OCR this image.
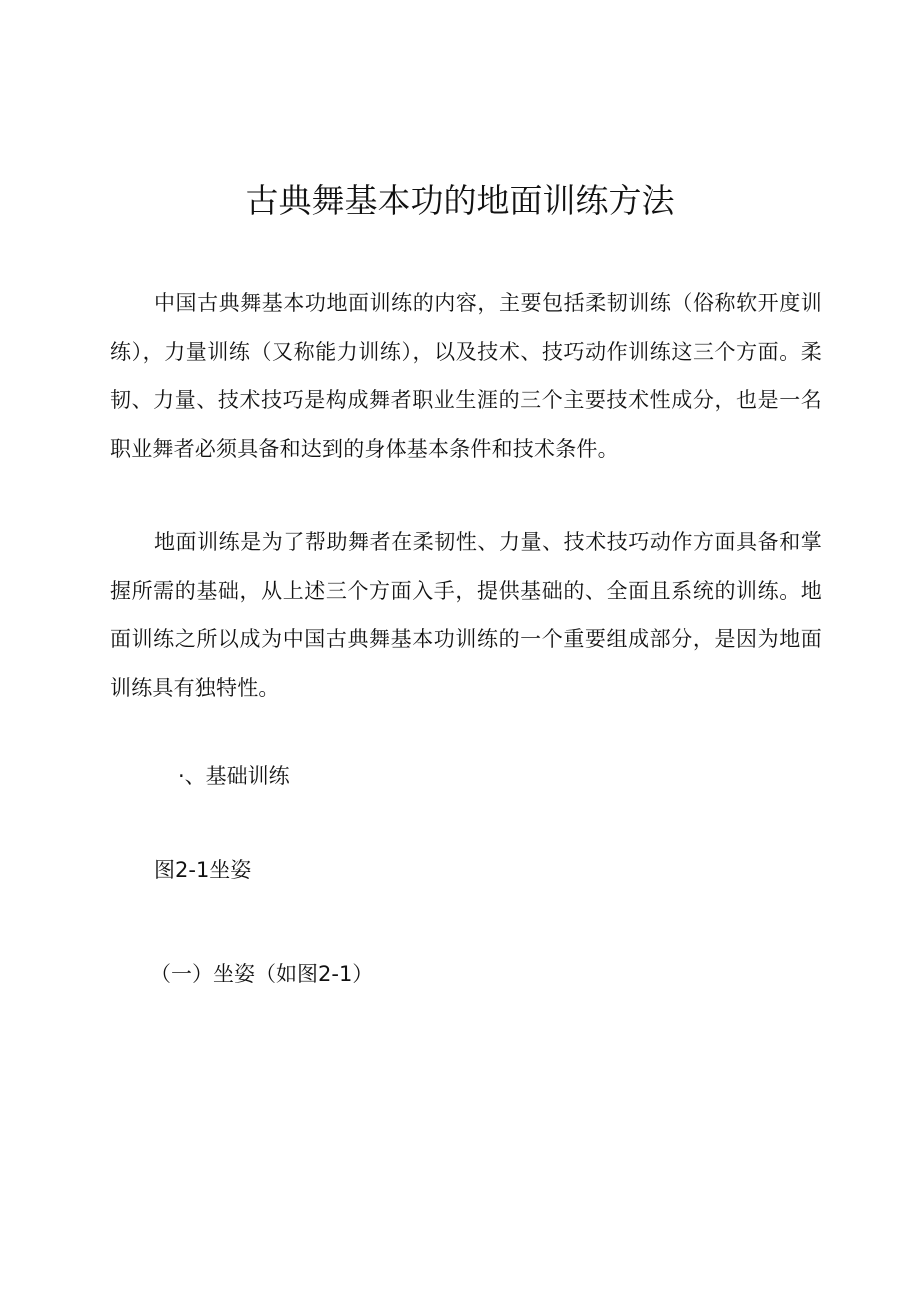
古典舞基本功的地面训练方法

中国古典舞基本功地面训练的内容，主要包括柔韧训练（俗称软开度训练），力量训练（又称能力训练），以及技术、技巧动作训练这三个方面。柔韧、力量、技术技巧是构成舞者职业生涯的三个主要技术性成分，也是一名职业舞者必须具备和达到的身体基本条件和技术条件。

地面训练是为了帮助舞者在柔韧性、力量、技术技巧动作方面具备和掌握所需的基础，从上述三个方面入手，提供基础的、全面且系统的训练。地面训练之所以成为中国古典舞基本功训练的一个重要组成部分，是因为地面训练具有独特性。

·、基础训练

图2-1坐姿

（一）坐姿（如图2-1）
